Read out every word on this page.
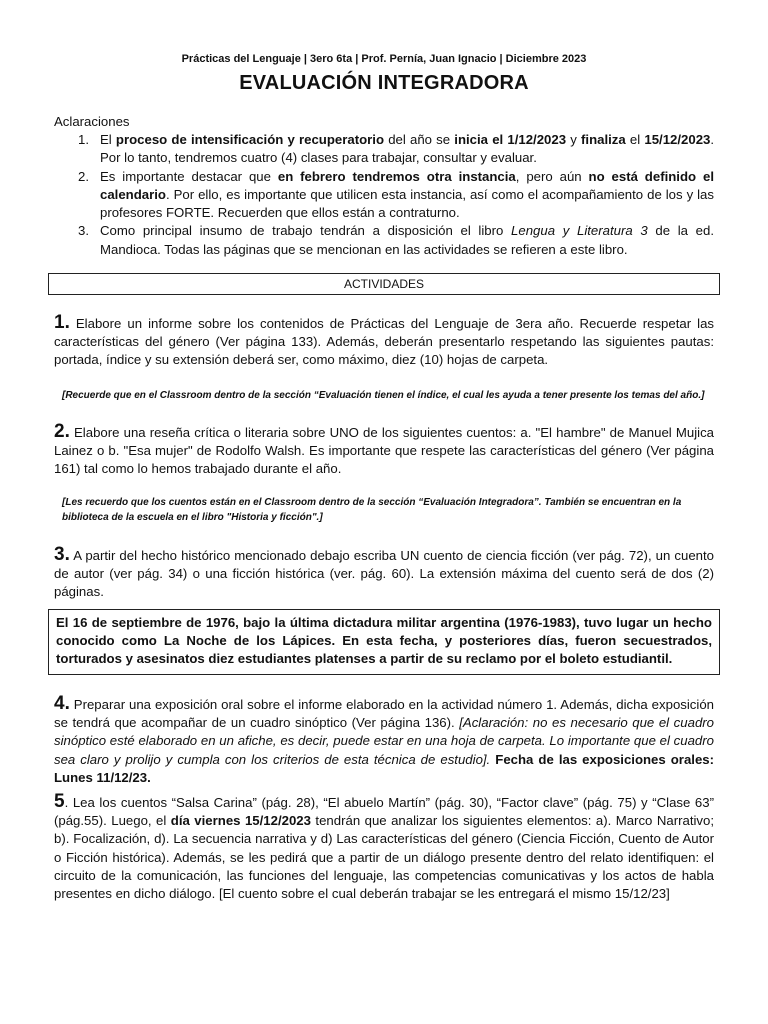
Prácticas del Lenguaje | 3ero 6ta | Prof. Pernía, Juan Ignacio | Diciembre 2023
EVALUACIÓN INTEGRADORA

Aclaraciones

1. El proceso de intensificación y recuperatorio del año se inicia el 1/12/2023 y finaliza el 15/12/2023. Por lo tanto, tendremos cuatro (4) clases para trabajar, consultar y evaluar.
2. Es importante destacar que en febrero tendremos otra instancia, pero aún no está definido el calendario. Por ello, es importante que utilicen esta instancia, así como el acompañamiento de los y las profesores FORTE. Recuerden que ellos están a contraturno.
3. Como principal insumo de trabajo tendrán a disposición el libro Lengua y Literatura 3 de la ed. Mandioca. Todas las páginas que se mencionan en las actividades se refieren a este libro.
ACTIVIDADES
1. Elabore un informe sobre los contenidos de Prácticas del Lenguaje de 3era año. Recuerde respetar las características del género (Ver página 133). Además, deberán presentarlo respetando las siguientes pautas: portada, índice y su extensión deberá ser, como máximo, diez (10) hojas de carpeta.
[Recuerde que en el Classroom dentro de la sección “Evaluación tienen el índice, el cual les ayuda a tener presente los temas del año.]
2. Elabore una reseña crítica o literaria sobre UNO de los siguientes cuentos: a. "El hambre" de Manuel Mujica Lainez o b. "Esa mujer" de Rodolfo Walsh. Es importante que respete las características del género (Ver página 161) tal como lo hemos trabajado durante el año.
[Les recuerdo que los cuentos están en el Classroom dentro de la sección “Evaluación Integradora”. También se encuentran en la biblioteca de la escuela en el libro "Historia y ficción".]
3. A partir del hecho histórico mencionado debajo escriba UN cuento de ciencia ficción (ver pág. 72), un cuento de autor (ver pág. 34) o una ficción histórica (ver. pág. 60). La extensión máxima del cuento será de dos (2) páginas.
El 16 de septiembre de 1976, bajo la última dictadura militar argentina (1976-1983), tuvo lugar un hecho conocido como La Noche de los Lápices. En esta fecha, y posteriores días, fueron secuestrados, torturados y asesinatos diez estudiantes platenses a partir de su reclamo por el boleto estudiantil.
4. Preparar una exposición oral sobre el informe elaborado en la actividad número 1. Además, dicha exposición se tendrá que acompañar de un cuadro sinóptico (Ver página 136). [Aclaración: no es necesario que el cuadro sinóptico esté elaborado en un afiche, es decir, puede estar en una hoja de carpeta. Lo importante que el cuadro sea claro y prolijo y cumpla con los criterios de esta técnica de estudio]. Fecha de las exposiciones orales: Lunes 11/12/23.
5. Lea los cuentos “Salsa Carina” (pág. 28), “El abuelo Martín” (pág. 30), “Factor clave” (pág. 75) y “Clase 63” (pág.55). Luego, el día viernes 15/12/2023 tendrán que analizar los siguientes elementos: a). Marco Narrativo; b). Focalización, d). La secuencia narrativa y d) Las características del género (Ciencia Ficción, Cuento de Autor o Ficción histórica). Además, se les pedirá que a partir de un diálogo presente dentro del relato identifiquen: el circuito de la comunicación, las funciones del lenguaje, las competencias comunicativas y los actos de habla presentes en dicho diálogo. [El cuento sobre el cual deberán trabajar se les entregará el mismo 15/12/23]
